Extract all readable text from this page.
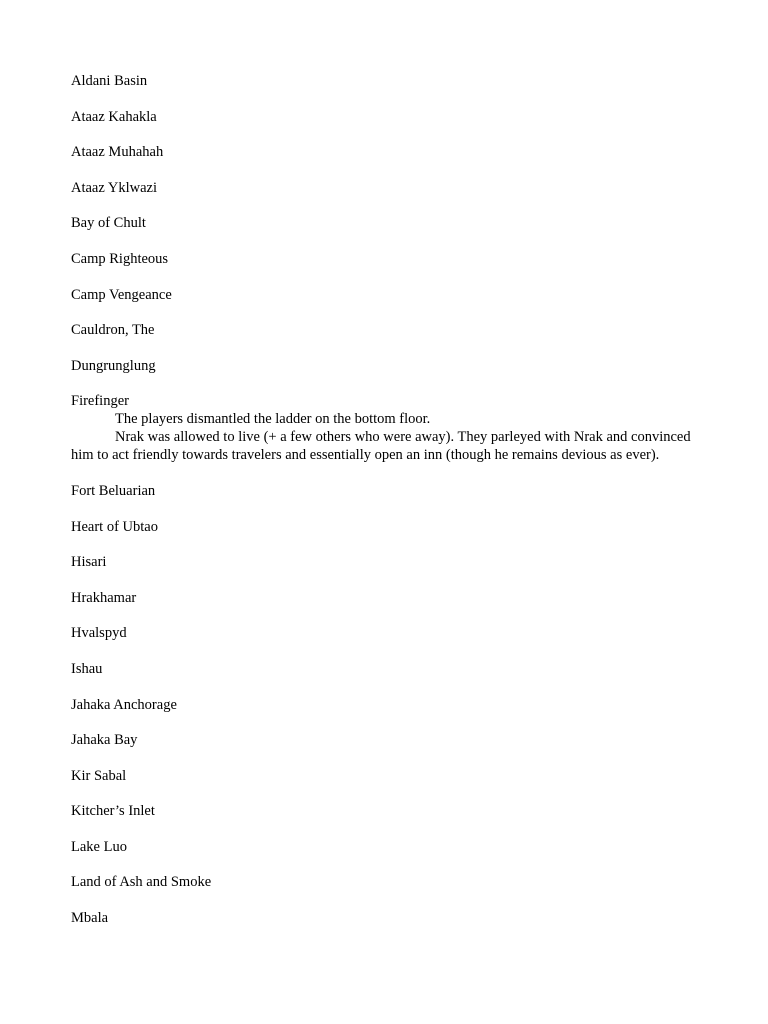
Aldani Basin
Ataaz Kahakla
Ataaz Muhahah
Ataaz Yklwazi
Bay of Chult
Camp Righteous
Camp Vengeance
Cauldron, The
Dungrunglung
Firefinger

The players dismantled the ladder on the bottom floor.

Nrak was allowed to live (+ a few others who were away). They parleyed with Nrak and convinced him to act friendly towards travelers and essentially open an inn (though he remains devious as ever).

Fort Beluarian
Heart of Ubtao
Hisari
Hrakhamar
Hvalspyd
Ishau
Jahaka Anchorage
Jahaka Bay
Kir Sabal
Kitcher’s Inlet
Lake Luo
Land of Ash and Smoke
Mbala
